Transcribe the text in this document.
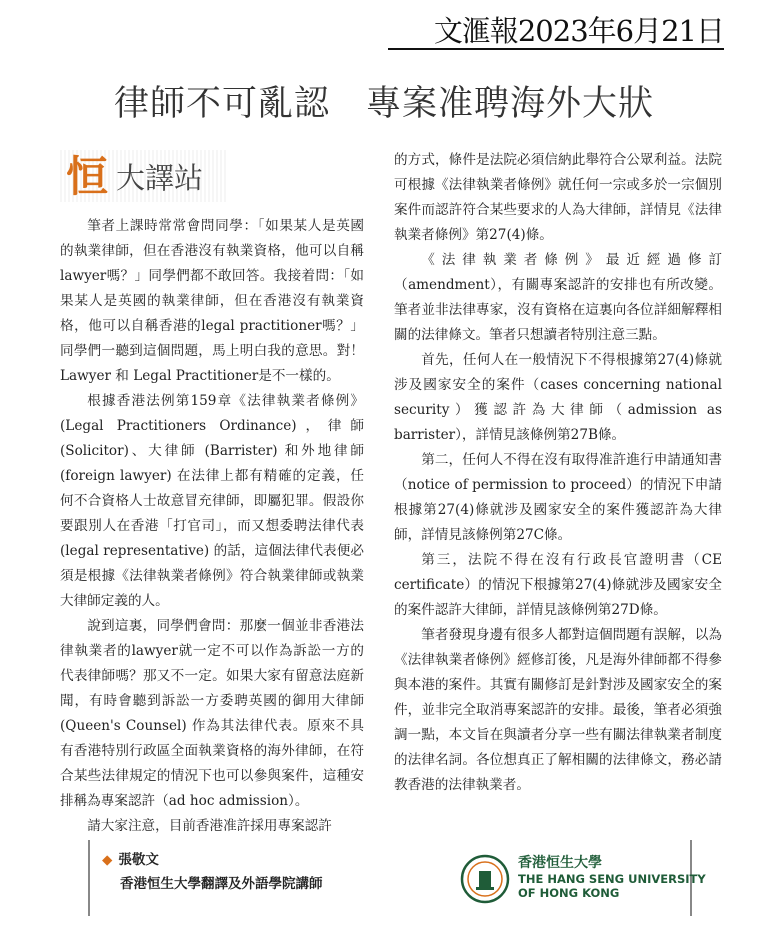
文滙報2023年6月21日
律師不可亂認　專案准聘海外大狀
恒 大譯站

筆者上課時常常會問同學：「如果某人是英國的執業律師，但在香港沒有執業資格，他可以自稱lawyer嗎？」同學們都不敢回答。我接着問：「如果某人是英國的執業律師，但在香港沒有執業資格，他可以自稱香港的legal practitioner嗎？」同學們一聽到這個問題，馬上明白我的意思。對！Lawyer 和 Legal Practitioner是不一樣的。

根據香港法例第159章《法律執業者條例》(Legal Practitioners Ordinance)，律師(Solicitor)、大律師 (Barrister) 和外地律師(foreign lawyer) 在法律上都有精確的定義，任何不合資格人士故意冒充律師，即屬犯罪。假設你要跟別人在香港「打官司」，而又想委聘法律代表 (legal representative) 的話，這個法律代表便必須是根據《法律執業者條例》符合執業律師或執業大律師定義的人。

說到這裏，同學們會問：那麼一個並非香港法律執業者的lawyer就一定不可以作為訴訟一方的代表律師嗎？那又不一定。如果大家有留意法庭新聞，有時會聽到訴訟一方委聘英國的御用大律師 (Queen's Counsel) 作為其法律代表。原來不具有香港特別行政區全面執業資格的海外律師，在符合某些法律規定的情況下也可以參與案件，這種安排稱為專案認許（ad hoc admission）。

請大家注意，目前香港准許採用專案認許

的方式，條件是法院必須信納此舉符合公眾利益。法院可根據《法律執業者條例》就任何一宗或多於一宗個別案件而認許符合某些要求的人為大律師，詳情見《法律執業者條例》第27(4)條。

《法律執業者條例》最近經過修訂（amendment），有關專案認許的安排也有所改變。筆者並非法律專家，沒有資格在這裏向各位詳細解釋相關的法律條文。筆者只想讀者特別注意三點。

首先，任何人在一般情況下不得根據第27(4)條就涉及國家安全的案件（cases concerning national security）獲認許為大律師（admission as barrister），詳情見該條例第27B條。

第二，任何人不得在沒有取得准許進行申請通知書（notice of permission to proceed）的情況下申請根據第27(4)條就涉及國家安全的案件獲認許為大律師，詳情見該條例第27C條。

第三，法院不得在沒有行政長官證明書（CE certificate）的情況下根據第27(4)條就涉及國家安全的案件認許大律師，詳情見該條例第27D條。

筆者發現身邊有很多人都對這個問題有誤解，以為《法律執業者條例》經修訂後，凡是海外律師都不得參與本港的案件。其實有關修訂是針對涉及國家安全的案件，並非完全取消專案認許的安排。最後，筆者必須強調一點，本文旨在與讀者分享一些有關法律執業者制度的法律名詞。各位想真正了解相關的法律條文，務必請教香港的法律執業者。

◆ 張敬文
香港恒生大學翻譯及外語學院講師
香港恒生大學
THE HANG SENG UNIVERSITY
OF HONG KONG
